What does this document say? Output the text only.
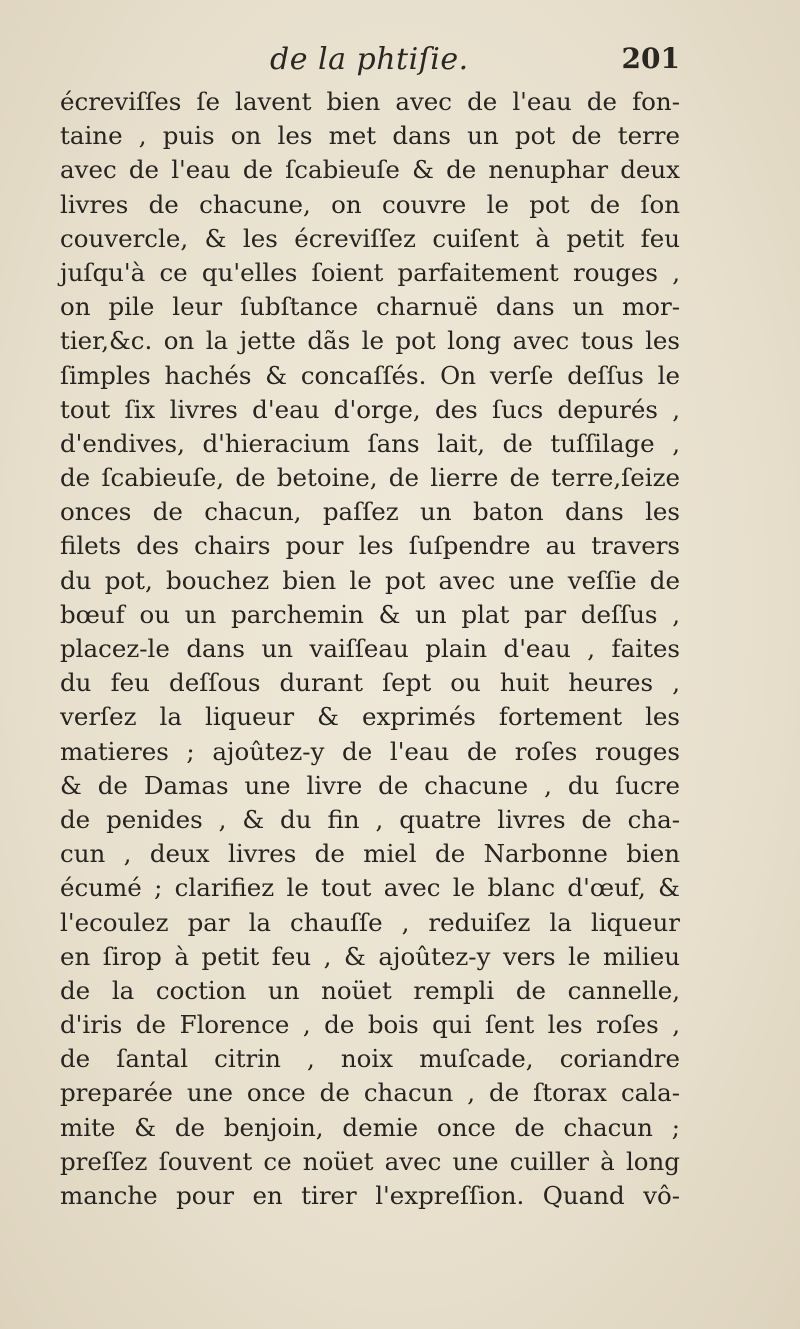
de la phtiſie.	201
écreviſſes ſe lavent bien avec de l'eau de fon-
taine , puis on les met dans un pot de terre
avec de l'eau de ſcabieuſe & de nenuphar deux
livres de chacune, on couvre le pot de ſon
couvercle, & les écreviſſez cuiſent à petit feu
juſqu'à ce qu'elles ſoient parfaitement rouges ,
on pile leur ſubſtance charnuë dans un mor-
tier,&c. on la jette dãs le pot long avec tous les
ſimples hachés & concaſſés. On verſe deſſus le
tout ſix livres d'eau d'orge, des ſucs depurés ,
d'endives, d'hieracium ſans lait, de tuſſilage ,
de ſcabieuſe, de betoine, de lierre de terre,ſeize
onces de chacun, paſſez un baton dans les
filets des chairs pour les ſuſpendre au travers
du pot, bouchez bien le pot avec une veſſie de
bœuf ou un parchemin & un plat par deſſus ,
placez-le dans un vaiſſeau plain d'eau , faites
du feu deſſous durant ſept ou huit heures ,
verſez la liqueur & exprimés fortement les
matieres ; ajoûtez-y de l'eau de roſes rouges
& de Damas une livre de chacune , du ſucre
de penides , & du fin , quatre livres de cha-
cun , deux livres de miel de Narbonne bien
écumé ; clarifiez le tout avec le blanc d'œuf, &
l'ecoulez par la chauſſe , reduiſez la liqueur
en ſirop à petit feu , & ajoûtez-y vers le milieu
de la coction un noüet rempli de cannelle,
d'iris de Florence , de bois qui ſent les roſes ,
de ſantal citrin , noix muſcade, coriandre
preparée une once de chacun , de ſtorax cala-
mite & de benjoin, demie once de chacun ;
preſſez ſouvent ce noüet avec une cuiller à long
manche pour en tirer l'expreſſion. Quand vô-
